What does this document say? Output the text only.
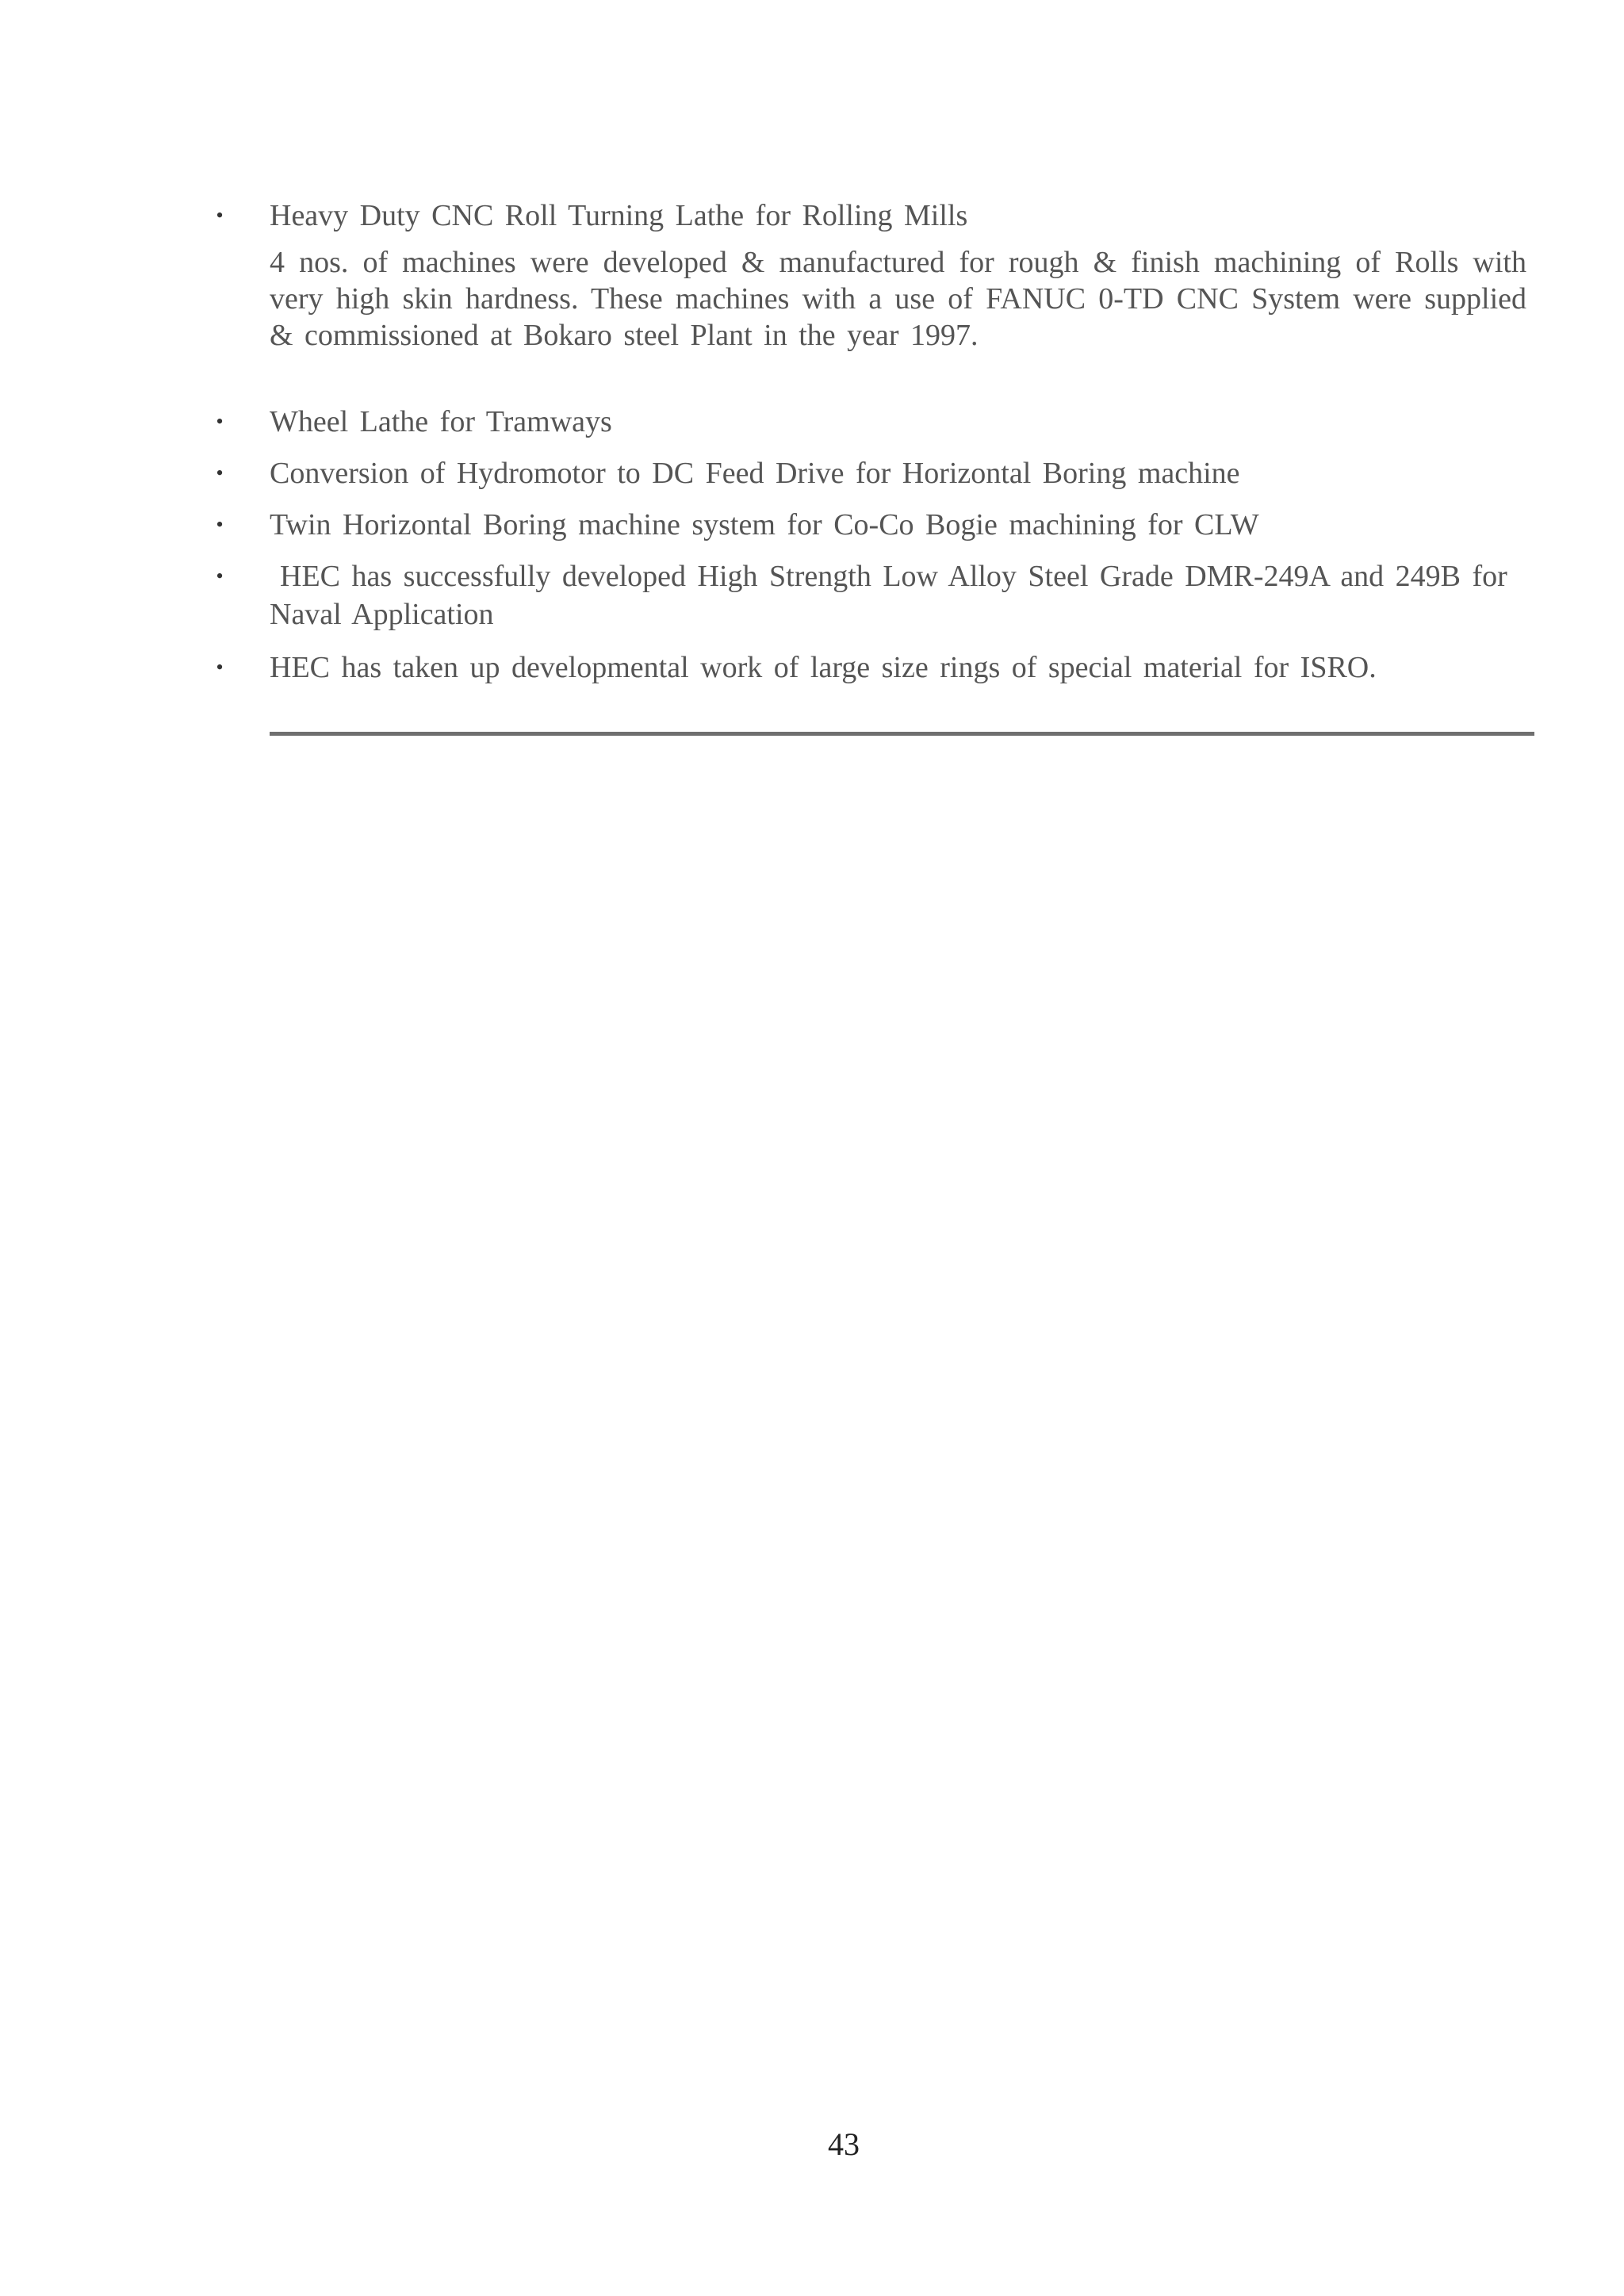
•	Heavy Duty CNC Roll Turning Lathe for Rolling Mills
4 nos. of machines were developed & manufactured for rough & finish machining of Rolls with very high skin hardness. These machines with a use of FANUC 0-TD CNC System were supplied & commissioned at Bokaro steel Plant in the year 1997.
•	Wheel Lathe for Tramways
•	Conversion of Hydromotor to DC Feed Drive for Horizontal Boring machine
•	Twin Horizontal Boring machine system for Co-Co Bogie machining for CLW
•	HEC has successfully developed High Strength Low Alloy Steel Grade DMR-249A and 249B for Naval Application
•	HEC has taken up developmental work of large size rings of special material for ISRO.
43
